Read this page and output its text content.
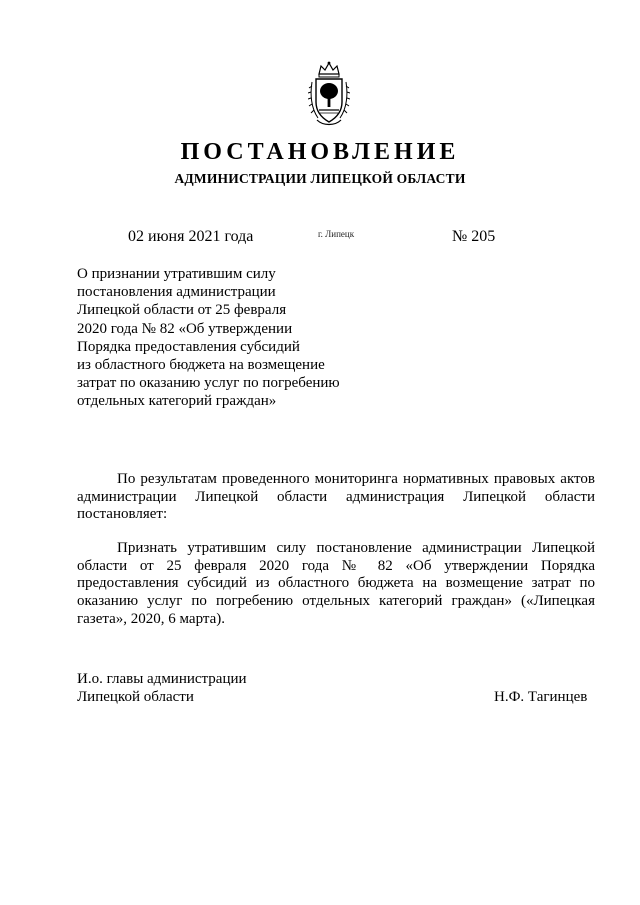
ПОСТАНОВЛЕНИЕ
АДМИНИСТРАЦИИ ЛИПЕЦКОЙ ОБЛАСТИ
02 июня 2021 года	г. Липецк	№ 205
О признании утратившим силу
постановления администрации
Липецкой области от 25 февраля
2020 года № 82 «Об утверждении
Порядка предоставления субсидий
из областного бюджета на возмещение
затрат по оказанию услуг по погребению
отдельных категорий граждан»
По результатам проведенного мониторинга нормативных правовых актов
администрации Липецкой области администрация Липецкой области
постановляет:
Признать утратившим силу постановление администрации Липецкой
области от 25 февраля 2020 года № 82 «Об утверждении Порядка
предоставления субсидий из областного бюджета на возмещение затрат по
оказанию услуг по погребению отдельных категорий граждан» («Липецкая
газета», 2020, 6 марта).
И.о. главы администрации
Липецкой области	Н.Ф. Тагинцев
